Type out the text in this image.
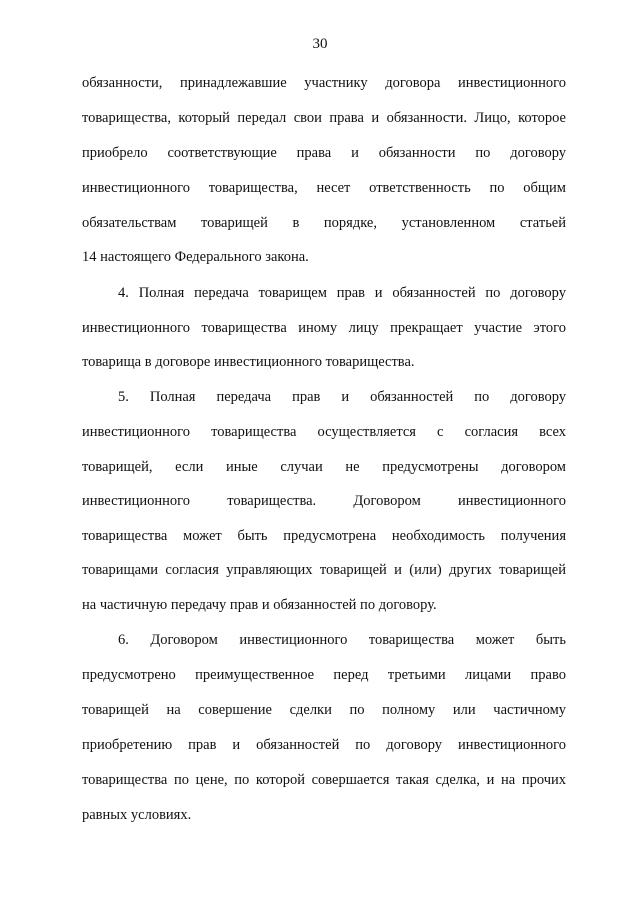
30
обязанности, принадлежавшие участнику договора инвестиционного
товарищества, который передал свои права и обязанности. Лицо, которое
приобрело соответствующие права и обязанности по договору
инвестиционного товарищества, несет ответственность по общим
обязательствам товарищей в порядке, установленном статьей
14 настоящего Федерального закона.
4. Полная передача товарищем прав и обязанностей по договору
инвестиционного товарищества иному лицу прекращает участие этого
товарища в договоре инвестиционного товарищества.
5. Полная передача прав и обязанностей по договору
инвестиционного товарищества осуществляется с согласия всех
товарищей, если иные случаи не предусмотрены договором
инвестиционного товарищества. Договором инвестиционного
товарищества может быть предусмотрена необходимость получения
товарищами согласия управляющих товарищей и (или) других товарищей
на частичную передачу прав и обязанностей по договору.
6. Договором инвестиционного товарищества может быть
предусмотрено преимущественное перед третьими лицами право
товарищей на совершение сделки по полному или частичному
приобретению прав и обязанностей по договору инвестиционного
товарищества по цене, по которой совершается такая сделка, и на прочих
равных условиях.
